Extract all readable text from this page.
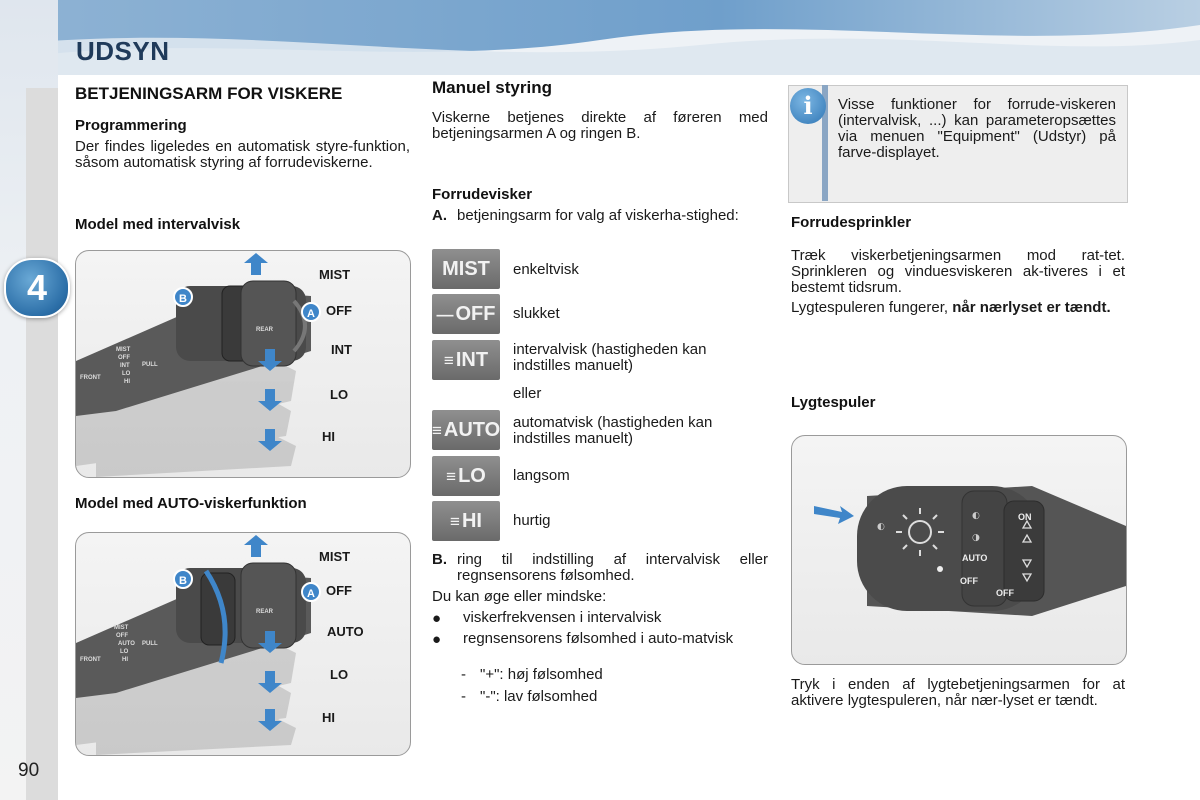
UDSYN
4
90
BETJENINGSARM FOR VISKERE
Programmering
Der findes ligeledes en automatisk styre-funktion, såsom automatisk styring af forrudeviskerne.
Model med intervalvisk
B
A
FRONT
MIST
OFF
INT
LO
HI
PULL
REAR
MIST
OFF
INT
LO
HI
Model med AUTO-viskerfunktion
B
A
FRONT
MIST
OFF
AUTO
LO
HI
PULL
REAR
MIST
OFF
AUTO
LO
HI
Manuel styring
Viskerne betjenes direkte af føreren med betjeningsarmen A og ringen B.
Forrudevisker
A. betjeningsarm for valg af viskerha-stighed:
MIST	enkeltvisk
— OFF	slukket
≡ INT	intervalvisk (hastigheden kan indstilles manuelt)
eller
≡ AUTO automatvisk (hastigheden kan indstilles manuelt)
≡ LO	langsom
≡ HI	hurtig
B. ring til indstilling af intervalvisk eller regnsensorens følsomhed.
Du kan øge eller mindske:
● viskerfrekvensen i intervalvisk
● regnsensorens følsomhed i auto-matvisk
- "+": høj følsomhed
- "-": lav følsomhed
i	Visse funktioner for forrude-viskeren (intervalvisk, ...) kan parameteropsættes via menuen "Equipment" (Udstyr) på farve-displayet.
Forrudesprinkler
Træk viskerbetjeningsarmen mod rat-tet. Sprinkleren og vinduesviskeren ak-tiveres i et bestemt tidsrum.
Lygtespuleren fungerer, når nærlyset er tændt.
Lygtespuler
◐
ON
AUTO
OFF
OFF
◐
◑
Tryk i enden af lygtebetjeningsarmen for at aktivere lygtespuleren, når nær-lyset er tændt.
